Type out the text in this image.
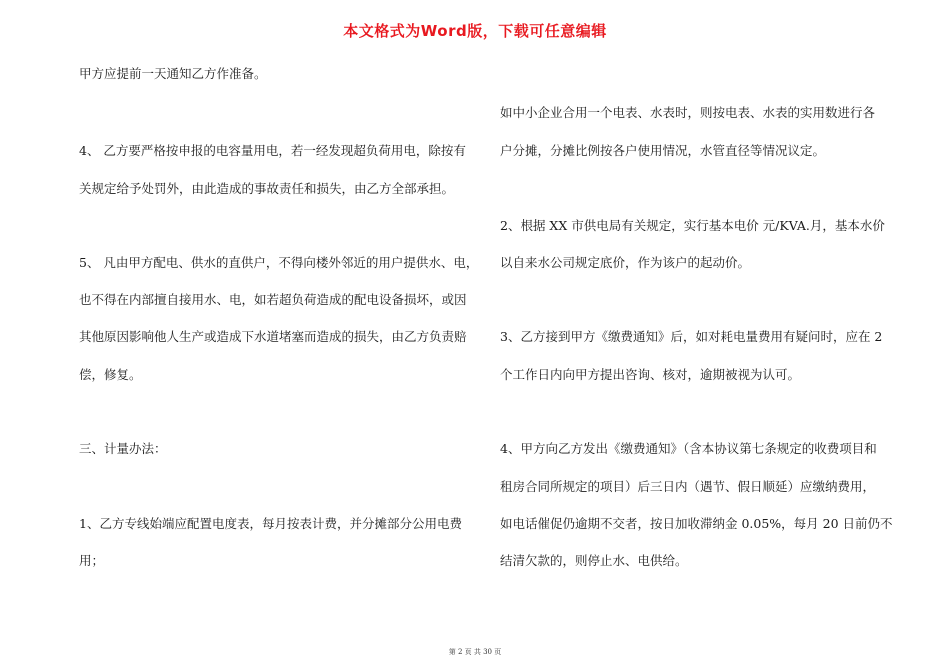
本文格式为Word版，下载可任意编辑
甲方应提前一天通知乙方作准备。
4、 乙方要严格按申报的电容量用电，若一经发现超负荷用电，除按有
关规定给予处罚外，由此造成的事故责任和损失，由乙方全部承担。
5、 凡由甲方配电、供水的直供户，不得向楼外邻近的用户提供水、电，
也不得在内部擅自接用水、电，如若超负荷造成的配电设备损坏，或因
其他原因影响他人生产或造成下水道堵塞而造成的损失，由乙方负责赔
偿，修复。
三、计量办法：
1、乙方专线始端应配置电度表，每月按表计费，并分摊部分公用电费
用；
如中小企业合用一个电表、水表时，则按电表、水表的实用数进行各
户分摊，分摊比例按各户使用情况，水管直径等情况议定。
2、根据 XX 市供电局有关规定，实行基本电价 元/KVA.月，基本水价
以自来水公司规定底价，作为该户的起动价。
3、乙方接到甲方《缴费通知》后，如对耗电量费用有疑问时，应在 2
个工作日内向甲方提出咨询、核对，逾期被视为认可。
4、甲方向乙方发出《缴费通知》（含本协议第七条规定的收费项目和
租房合同所规定的项目）后三日内（遇节、假日顺延）应缴纳费用，
如电话催促仍逾期不交者，按日加收滞纳金 0.05%，每月 20 日前仍不
结清欠款的，则停止水、电供给。
第 2 页 共 30 页
